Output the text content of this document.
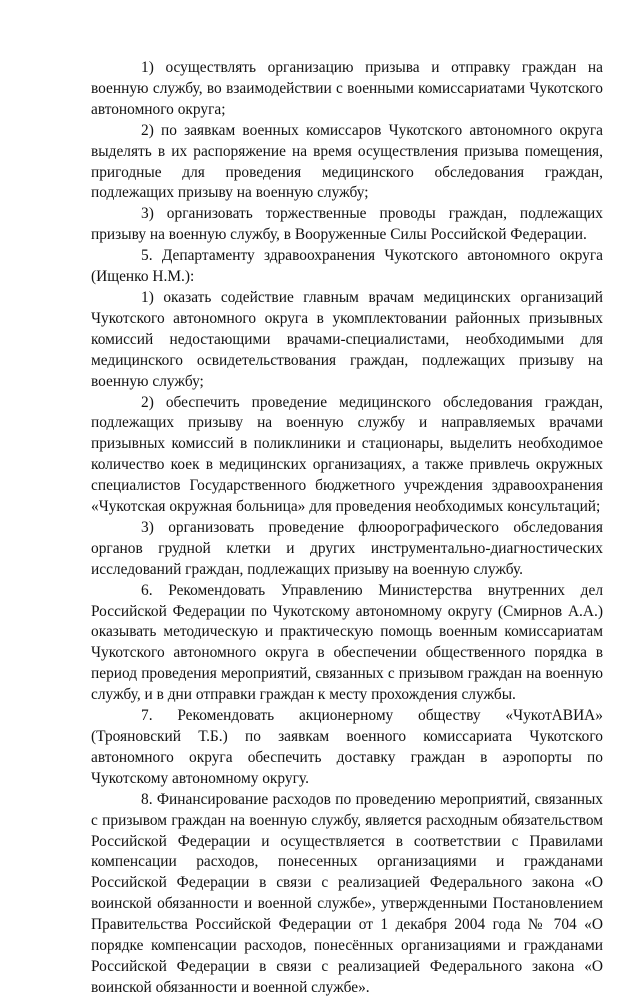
1) осуществлять организацию призыва и отправку граждан на военную службу, во взаимодействии с военными комиссариатами Чукотского автономного округа;

2) по заявкам военных комиссаров Чукотского автономного округа выделять в их распоряжение на время осуществления призыва помещения, пригодные для проведения медицинского обследования граждан, подлежащих призыву на военную службу;

3) организовать торжественные проводы граждан, подлежащих призыву на военную службу, в Вооруженные Силы Российской Федерации.

5. Департаменту здравоохранения Чукотского автономного округа (Ищенко Н.М.):

1) оказать содействие главным врачам медицинских организаций Чукотского автономного округа в укомплектовании районных призывных комиссий недостающими врачами-специалистами, необходимыми для медицинского освидетельствования граждан, подлежащих призыву на военную службу;

2) обеспечить проведение медицинского обследования граждан, подлежащих призыву на военную службу и направляемых врачами призывных комиссий в поликлиники и стационары, выделить необходимое количество коек в медицинских организациях, а также привлечь окружных специалистов Государственного бюджетного учреждения здравоохранения «Чукотская окружная больница» для проведения необходимых консультаций;

3) организовать проведение флюорографического обследования органов грудной клетки и других инструментально-диагностических исследований граждан, подлежащих призыву на военную службу.

6. Рекомендовать Управлению Министерства внутренних дел Российской Федерации по Чукотскому автономному округу (Смирнов А.А.) оказывать методическую и практическую помощь военным комиссариатам Чукотского автономного округа в обеспечении общественного порядка в период проведения мероприятий, связанных с призывом граждан на военную службу, и в дни отправки граждан к месту прохождения службы.

7. Рекомендовать акционерному обществу «ЧукотАВИА» (Трояновский Т.Б.) по заявкам военного комиссариата Чукотского автономного округа обеспечить доставку граждан в аэропорты по Чукотскому автономному округу.

8. Финансирование расходов по проведению мероприятий, связанных с призывом граждан на военную службу, является расходным обязательством Российской Федерации и осуществляется в соответствии с Правилами компенсации расходов, понесенных организациями и гражданами Российской Федерации в связи с реализацией Федерального закона «О воинской обязанности и военной службе», утвержденными Постановлением Правительства Российской Федерации от 1 декабря 2004 года № 704 «О порядке компенсации расходов, понесённых организациями и гражданами Российской Федерации в связи с реализацией Федерального закона «О воинской обязанности и военной службе».
